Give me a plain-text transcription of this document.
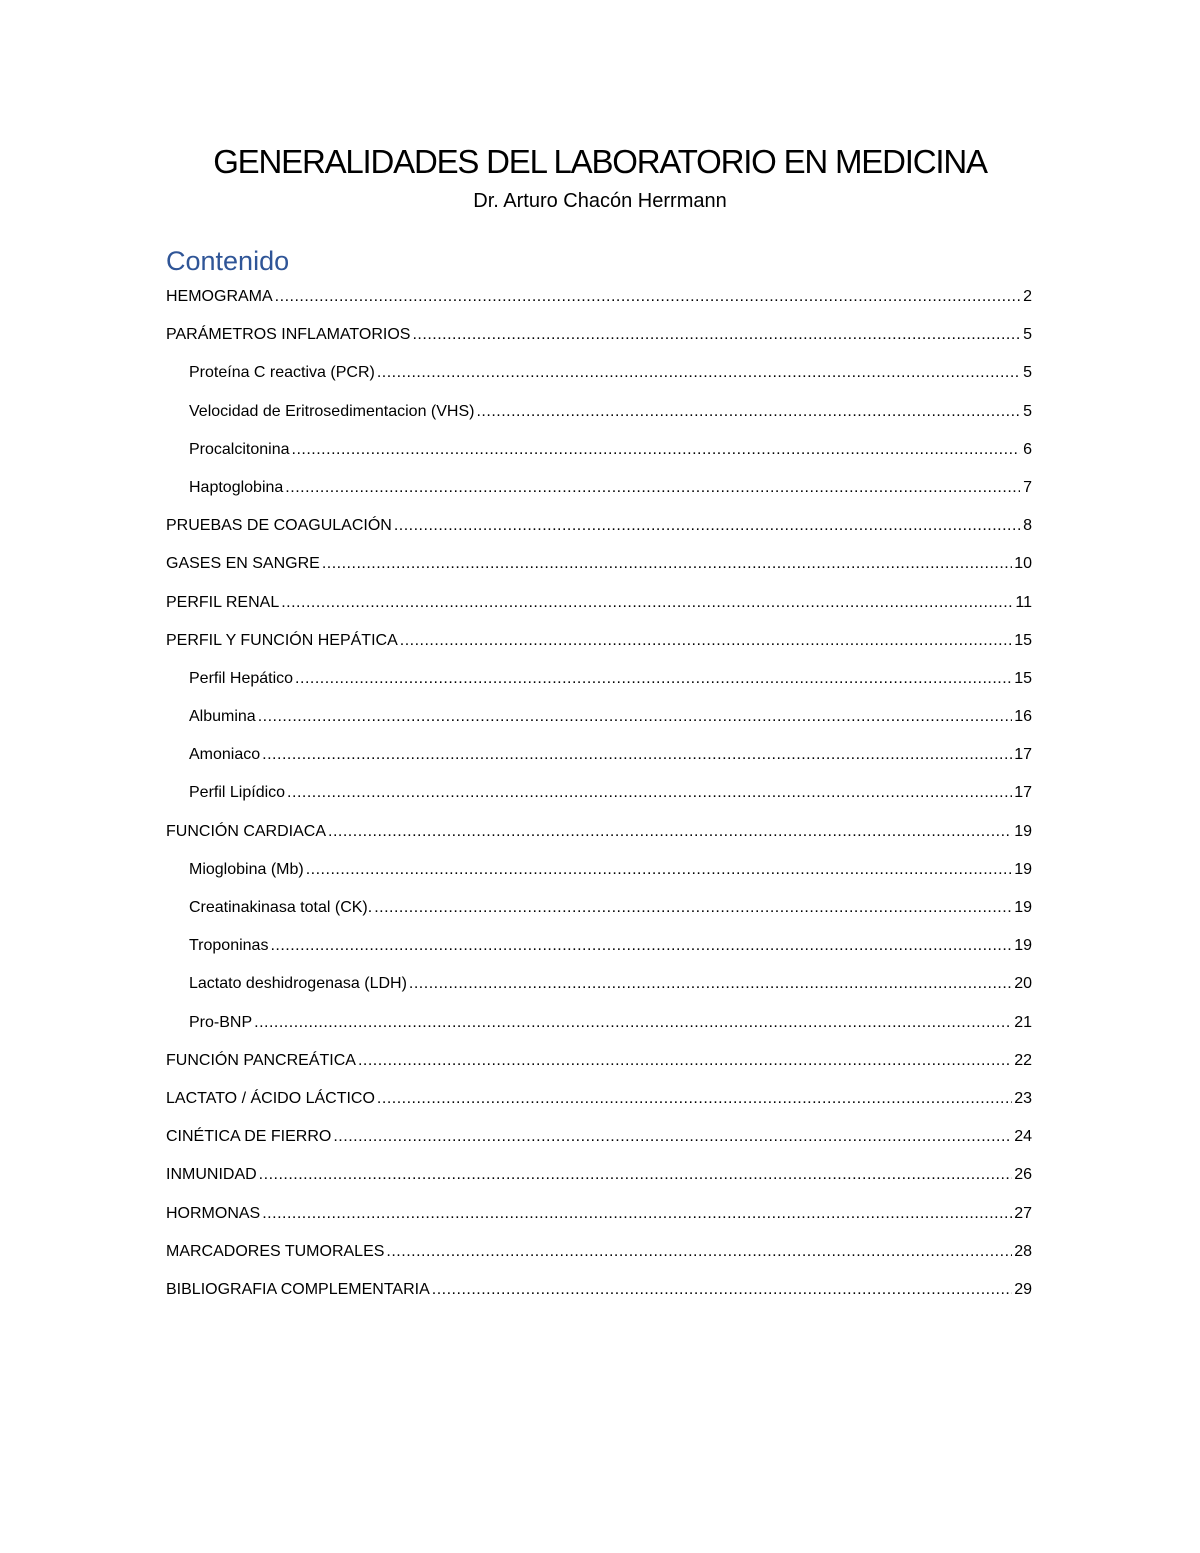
GENERALIDADES DEL LABORATORIO EN MEDICINA
Dr. Arturo Chacón Herrmann
Contenido
HEMOGRAMA .....	2
PARÁMETROS INFLAMATORIOS .....	5
Proteína C reactiva (PCR) .....	5
Velocidad de Eritrosedimentacion (VHS) .....	5
Procalcitonina .....	6
Haptoglobina .....	7
PRUEBAS DE COAGULACIÓN .....	8
GASES EN SANGRE .....	10
PERFIL RENAL .....	11
PERFIL Y FUNCIÓN HEPÁTICA .....	15
Perfil Hepático .....	15
Albumina .....	16
Amoniaco .....	17
Perfil Lipídico .....	17
FUNCIÓN CARDIACA .....	19
Mioglobina (Mb) .....	19
Creatinakinasa total (CK). .....	19
Troponinas .....	19
Lactato deshidrogenasa (LDH) .....	20
Pro-BNP .....	21
FUNCIÓN PANCREÁTICA .....	22
LACTATO / ÁCIDO LÁCTICO .....	23
CINÉTICA DE FIERRO .....	24
INMUNIDAD .....	26
HORMONAS .....	27
MARCADORES TUMORALES .....	28
BIBLIOGRAFIA COMPLEMENTARIA .....	29
